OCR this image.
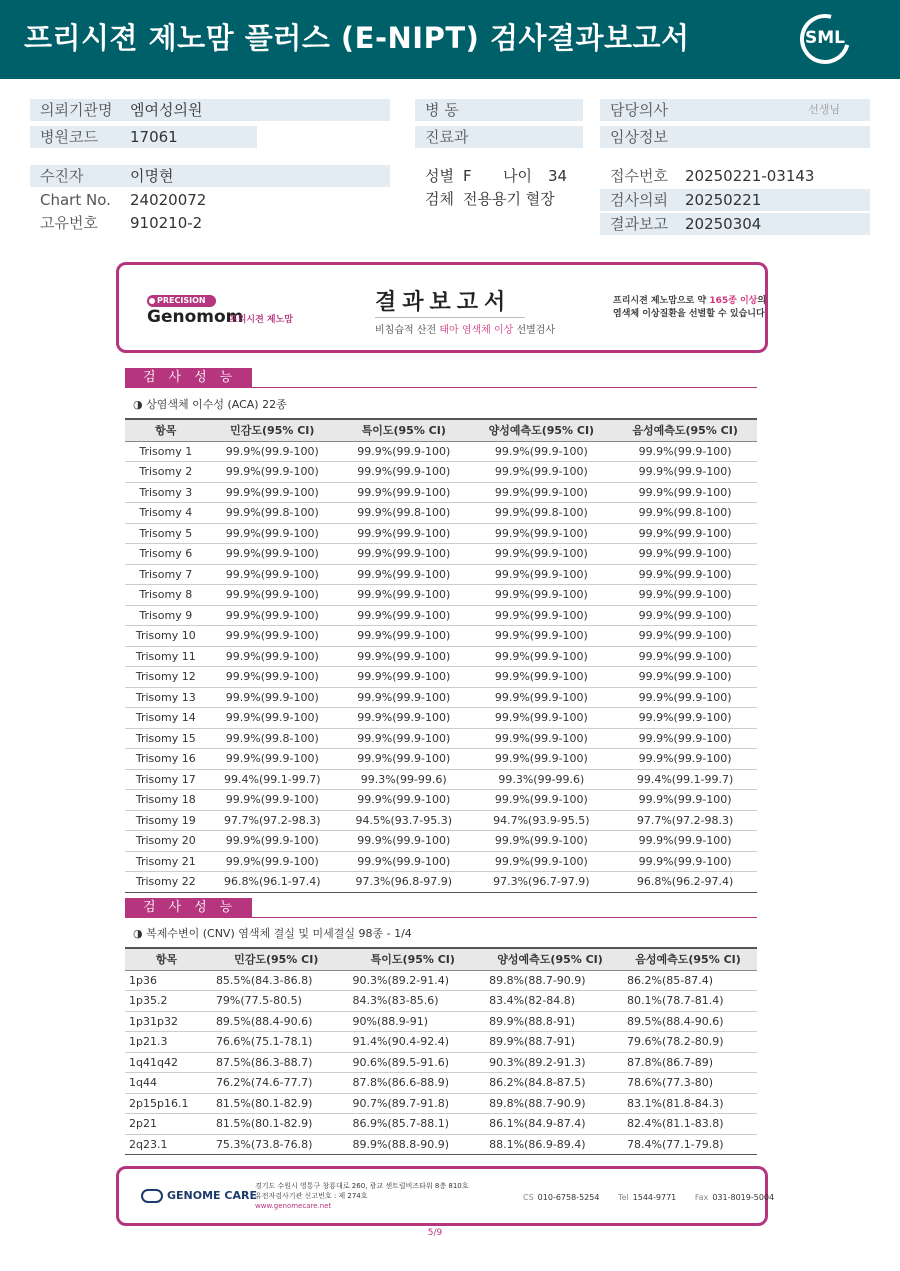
프리시젼 제노맘 플러스 (E-NIPT) 검사결과보고서	SML
의뢰기관명 엠여성의원
병원코드 17061
병 동
진료과
담당의사	선생님
임상정보
수진자	이명현
Chart No. 24020072
고유번호 910210-2
성별 F 나이 34
검체 전용용기 혈장
접수번호 20250221-03143
검사의뢰 20250221
결과보고 20250304
PRECISION
Genomom
프리시젼 제노맘
결과보고서
비침습적 산전 태아 염색체 이상 선별검사
프리시젼 제노맘으로 약 165종 이상의
염색체 이상질환을 선별할 수 있습니다
검사성능
◑ 상염색체 이수성 (ACA) 22종
항목	민감도(95% CI)	특이도(95% CI)	양성예측도(95% CI)	음성예측도(95% CI)
Trisomy 1	99.9%(99.9-100)	99.9%(99.9-100)	99.9%(99.9-100)	99.9%(99.9-100)
Trisomy 2	99.9%(99.9-100)	99.9%(99.9-100)	99.9%(99.9-100)	99.9%(99.9-100)
Trisomy 3	99.9%(99.9-100)	99.9%(99.9-100)	99.9%(99.9-100)	99.9%(99.9-100)
Trisomy 4	99.9%(99.8-100)	99.9%(99.8-100)	99.9%(99.8-100)	99.9%(99.8-100)
Trisomy 5	99.9%(99.9-100)	99.9%(99.9-100)	99.9%(99.9-100)	99.9%(99.9-100)
Trisomy 6	99.9%(99.9-100)	99.9%(99.9-100)	99.9%(99.9-100)	99.9%(99.9-100)
Trisomy 7	99.9%(99.9-100)	99.9%(99.9-100)	99.9%(99.9-100)	99.9%(99.9-100)
Trisomy 8	99.9%(99.9-100)	99.9%(99.9-100)	99.9%(99.9-100)	99.9%(99.9-100)
Trisomy 9	99.9%(99.9-100)	99.9%(99.9-100)	99.9%(99.9-100)	99.9%(99.9-100)
Trisomy 10	99.9%(99.9-100)	99.9%(99.9-100)	99.9%(99.9-100)	99.9%(99.9-100)
Trisomy 11	99.9%(99.9-100)	99.9%(99.9-100)	99.9%(99.9-100)	99.9%(99.9-100)
Trisomy 12	99.9%(99.9-100)	99.9%(99.9-100)	99.9%(99.9-100)	99.9%(99.9-100)
Trisomy 13	99.9%(99.9-100)	99.9%(99.9-100)	99.9%(99.9-100)	99.9%(99.9-100)
Trisomy 14	99.9%(99.9-100)	99.9%(99.9-100)	99.9%(99.9-100)	99.9%(99.9-100)
Trisomy 15	99.9%(99.8-100)	99.9%(99.9-100)	99.9%(99.9-100)	99.9%(99.9-100)
Trisomy 16	99.9%(99.9-100)	99.9%(99.9-100)	99.9%(99.9-100)	99.9%(99.9-100)
Trisomy 17	99.4%(99.1-99.7)	99.3%(99-99.6)	99.3%(99-99.6)	99.4%(99.1-99.7)
Trisomy 18	99.9%(99.9-100)	99.9%(99.9-100)	99.9%(99.9-100)	99.9%(99.9-100)
Trisomy 19	97.7%(97.2-98.3)	94.5%(93.7-95.3)	94.7%(93.9-95.5)	97.7%(97.2-98.3)
Trisomy 20	99.9%(99.9-100)	99.9%(99.9-100)	99.9%(99.9-100)	99.9%(99.9-100)
Trisomy 21	99.9%(99.9-100)	99.9%(99.9-100)	99.9%(99.9-100)	99.9%(99.9-100)
Trisomy 22	96.8%(96.1-97.4)	97.3%(96.8-97.9)	97.3%(96.7-97.9)	96.8%(96.2-97.4)
검사성능
◑ 복제수변이 (CNV) 염색체 결실 및 미세결실 98종 - 1/4
항목	민감도(95% CI)	특이도(95% CI)	양성예측도(95% CI)	음성예측도(95% CI)
1p36	85.5%(84.3-86.8)	90.3%(89.2-91.4)	89.8%(88.7-90.9)	86.2%(85-87.4)
1p35.2	79%(77.5-80.5)	84.3%(83-85.6)	83.4%(82-84.8)	80.1%(78.7-81.4)
1p31p32	89.5%(88.4-90.6)	90%(88.9-91)	89.9%(88.8-91)	89.5%(88.4-90.6)
1p21.3	76.6%(75.1-78.1)	91.4%(90.4-92.4)	89.9%(88.7-91)	79.6%(78.2-80.9)
1q41q42	87.5%(86.3-88.7)	90.6%(89.5-91.6)	90.3%(89.2-91.3)	87.8%(86.7-89)
1q44	76.2%(74.6-77.7)	87.8%(86.6-88.9)	86.2%(84.8-87.5)	78.6%(77.3-80)
2p15p16.1	81.5%(80.1-82.9)	90.7%(89.7-91.8)	89.8%(88.7-90.9)	83.1%(81.8-84.3)
2p21	81.5%(80.1-82.9)	86.9%(85.7-88.1)	86.1%(84.9-87.4)	82.4%(81.1-83.8)
2q23.1	75.3%(73.8-76.8)	89.9%(88.8-90.9)	88.1%(86.9-89.4)	78.4%(77.1-79.8)
GENOME CARE
경기도 수원시 영통구 창룡대로 260, 광교 센트럴비즈타워 8층 810호
유전자검사기관 신고번호 : 제 274호
www.genomecare.net
CS 010-6758-5254 Tel 1544-9771 Fax 031-8019-5004
5/9
